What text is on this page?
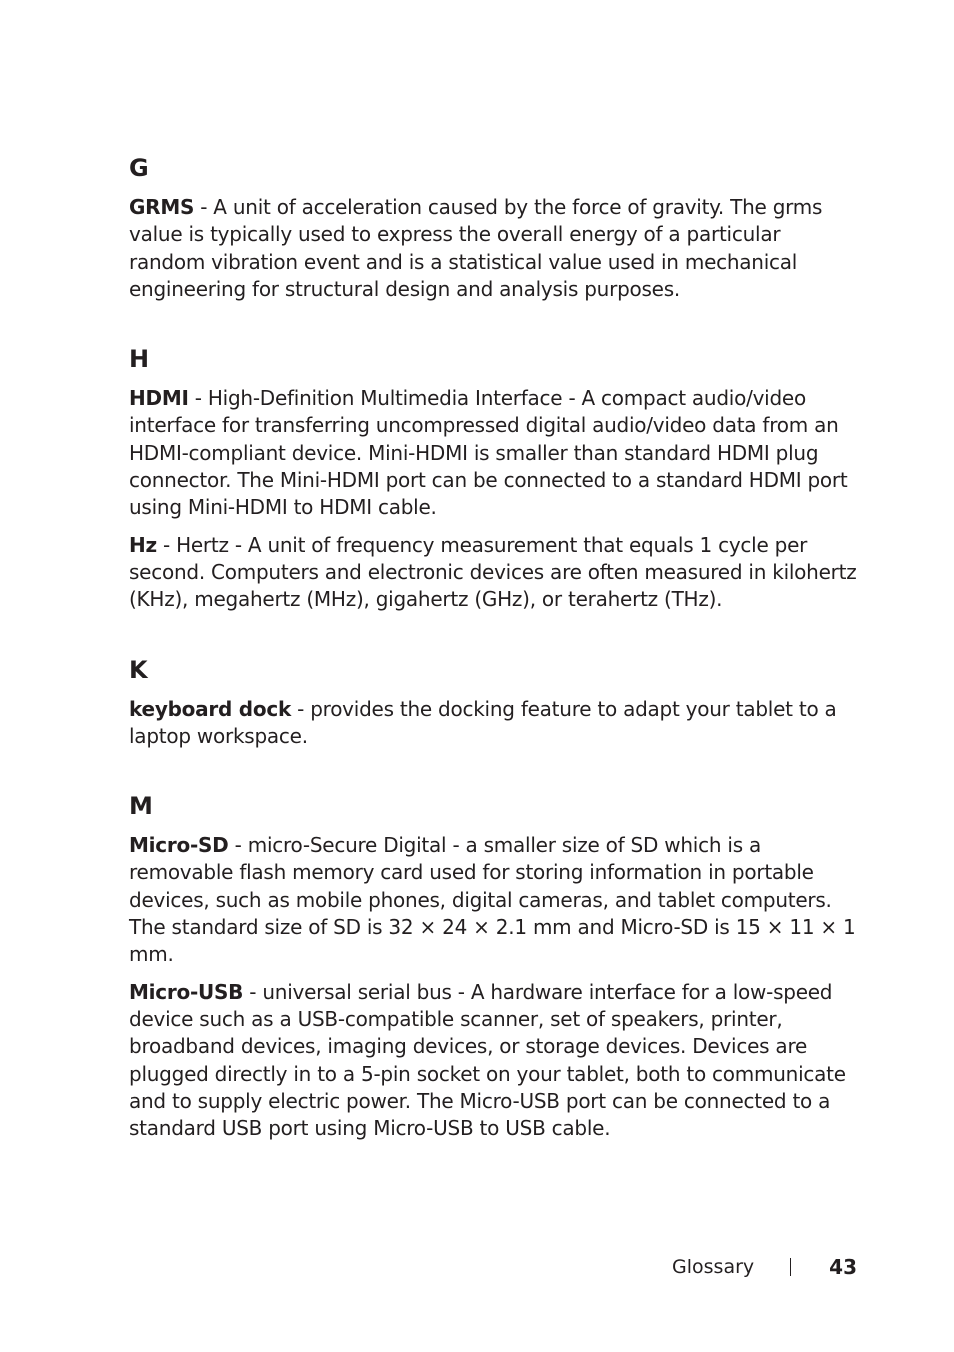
G

GRMS - A unit of acceleration caused by the force of gravity. The grms value is typically used to express the overall energy of a particular random vibration event and is a statistical value used in mechanical engineering for structural design and analysis purposes.

H

HDMI - High-Definition Multimedia Interface - A compact audio/video interface for transferring uncompressed digital audio/video data from an HDMI-compliant device. Mini-HDMI is smaller than standard HDMI plug connector. The Mini-HDMI port can be connected to a standard HDMI port using Mini-HDMI to HDMI cable.

Hz - Hertz - A unit of frequency measurement that equals 1 cycle per second. Computers and electronic devices are often measured in kilohertz (KHz), megahertz (MHz), gigahertz (GHz), or terahertz (THz).

K

keyboard dock - provides the docking feature to adapt your tablet to a laptop workspace.

M

Micro-SD - micro-Secure Digital - a smaller size of SD which is a removable flash memory card used for storing information in portable devices, such as mobile phones, digital cameras, and tablet computers. The standard size of SD is 32 × 24 × 2.1 mm and Micro-SD is 15 × 11 × 1 mm.

Micro-USB - universal serial bus - A hardware interface for a low-speed device such as a USB-compatible scanner, set of speakers, printer, broadband devices, imaging devices, or storage devices. Devices are plugged directly in to a 5-pin socket on your tablet, both to communicate and to supply electric power. The Micro-USB port can be connected to a standard USB port using Micro-USB to USB cable.

Glossary	43
